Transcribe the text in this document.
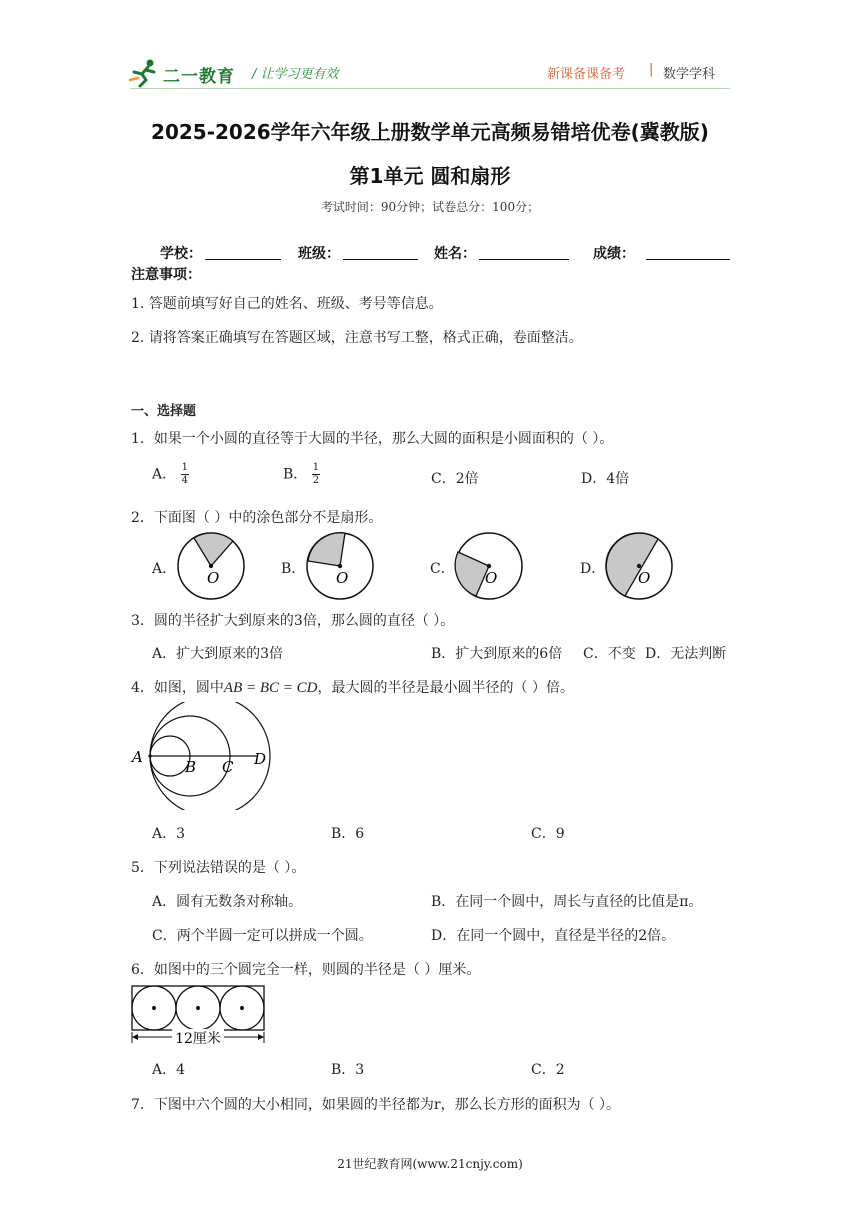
二一教育 / 让学习更有效	新课备课备考 | 数学学科
2025-2026学年六年级上册数学单元高频易错培优卷(冀教版)
第1单元 圆和扇形
考试时间：90分钟；试卷总分：100分；
学校：	班级：	姓名：	成绩：
注意事项：
1. 答题前填写好自己的姓名、班级、考号等信息。
2. 请将答案正确填写在答题区域，注意书写工整，格式正确，卷面整洁。
一、选择题
1．如果一个小圆的直径等于大圆的半径，那么大圆的面积是小圆面积的（ ）。
A． $\frac{1}{4}$	B． $\frac{1}{2}$	C．2倍	D．4倍
2．下面图（ ）中的涂色部分不是扇形。
A． O	B． O	C． O	D． O
3．圆的半径扩大到原来的3倍，那么圆的直径（ ）。
A．扩大到原来的3倍	B．扩大到原来的6倍 C．不变 D．无法判断
4．如图，圆中AB = BC = CD，最大圆的半径是最小圆半径的（ ）倍。
A
B C D
A．3	B．6	C．9
5．下列说法错误的是（ ）。
A．圆有无数条对称轴。	B．在同一个圆中，周长与直径的比值是π。
C．两个半圆一定可以拼成一个圆。	D．在同一个圆中，直径是半径的2倍。
6．如图中的三个圆完全一样，则圆的半径是（ ）厘米。
12厘米
A．4	B．3	C．2
7．下图中六个圆的大小相同，如果圆的半径都为r，那么长方形的面积为（ ）。
21世纪教育网(www.21cnjy.com)
